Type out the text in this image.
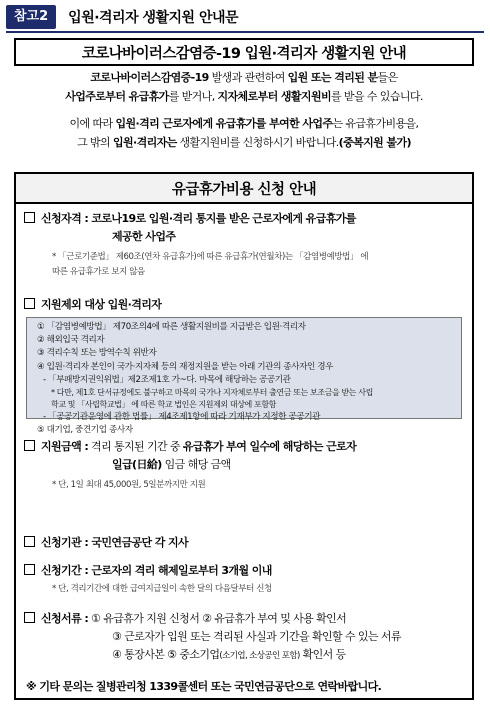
참고2	입원·격리자 생활지원 안내문
코로나바이러스감염증-19 입원·격리자 생활지원 안내

코로나바이러스감염증-19 발생과 관련하여 입원 또는 격리된 분들은

사업주로부터 유급휴가를 받거나, 지자체로부터 생활지원비를 받을 수 있습니다.

이에 따라 입원·격리 근로자에게 유급휴가를 부여한 사업주는 유급휴가비용을,

그 밖의 입원·격리자는 생활지원비를 신청하시기 바랍니다.(중복지원 불가)

유급휴가비용 신청 안내
신청자격 : 코로나19로 입원·격리 통지를 받은 근로자에게 유급휴가를
제공한 사업주
* 「근로기준법」 제60조(연차 유급휴가)에 따른 유급휴가(연월차)는 「감염병예방법」 에
따른 유급휴가로 보지 않음
지원제외 대상 입원·격리자
① 「감염병예방법」 제70조의4에 따른 생활지원비를 지급받은 입원·격리자
② 해외입국 격리자
③ 격리수칙 또는 방역수칙 위반자
④ 입원·격리자 본인이 국가·지자체 등의 재정지원을 받는 아래 기관의 종사자인 경우
- 「부패방지권익위법」제2조제1호 가~다. 마목에 해당하는 공공기관
* 다만, 제1호 단서규정에도 불구하고 마목의 국가나 지자체로부터 출연금 또는 보조금을 받는 사립
학교 및 「사립학교법」 에 따른 학교 법인은 지원제외 대상에 포함함
- 「공공기관운영에 관한 법률」 제4조제1항에 따라 기재부가 지정한 공공기관
⑤ 대기업, 중견기업 종사자
지원금액 : 격리 통지된 기간 중 유급휴가 부여 일수에 해당하는 근로자
일급(日給) 임금 해당 금액
* 단, 1일 최대 45,000원, 5일분까지만 지원
신청기관 : 국민연금공단 각 지사
신청기간 : 근로자의 격리 해제일로부터 3개월 이내
* 단, 격리기간에 대한 급여지급일이 속한 달의 다음달부터 신청
신청서류 : ① 유급휴가 지원 신청서 ② 유급휴가 부여 및 사용 확인서
③ 근로자가 입원 또는 격리된 사실과 기간을 확인할 수 있는 서류
④ 통장사본 ⑤ 중소기업(소기업, 소상공인 포함) 확인서 등
※ 기타 문의는 질병관리청 1339콜센터 또는 국민연금공단으로 연락바랍니다.
